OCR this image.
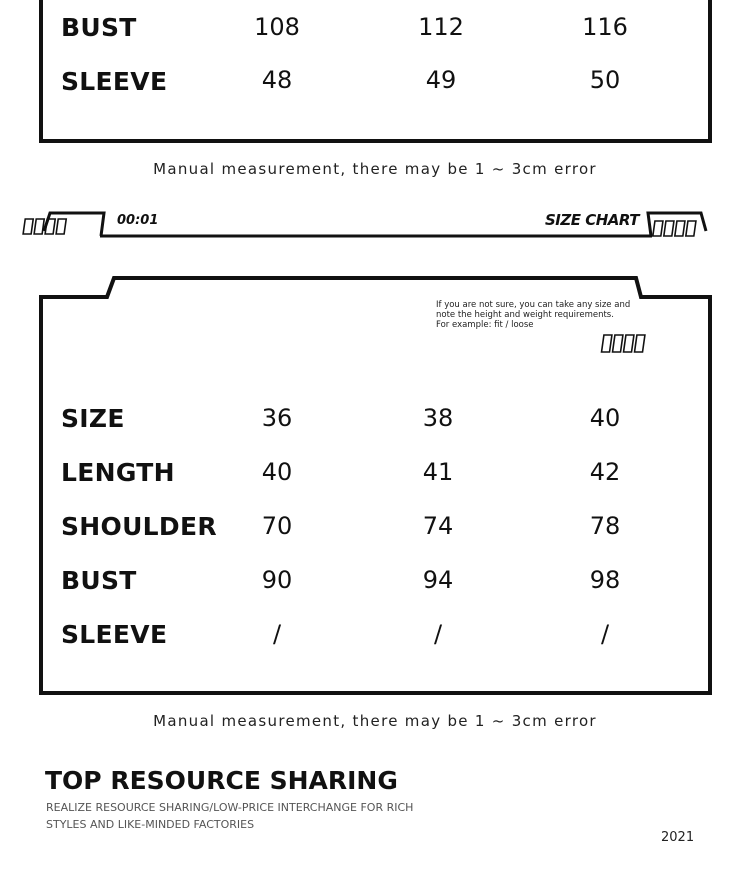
BUST	108	112	116
SLEEVE	48	49	50
Manual measurement, there may be 1 ~ 3cm error
00:01	SIZE CHART
If you are not sure, you can take any size and
note the height and weight requirements.
For example: fit / loose
SIZE	36	38	40
LENGTH	40	41	42
SHOULDER	70	74	78
BUST	90	94	98
SLEEVE	/	/	/
Manual measurement, there may be 1 ~ 3cm error
TOP RESOURCE SHARING
REALIZE RESOURCE SHARING/LOW-PRICE INTERCHANGE FOR RICH
STYLES AND LIKE-MINDED FACTORIES
2021
